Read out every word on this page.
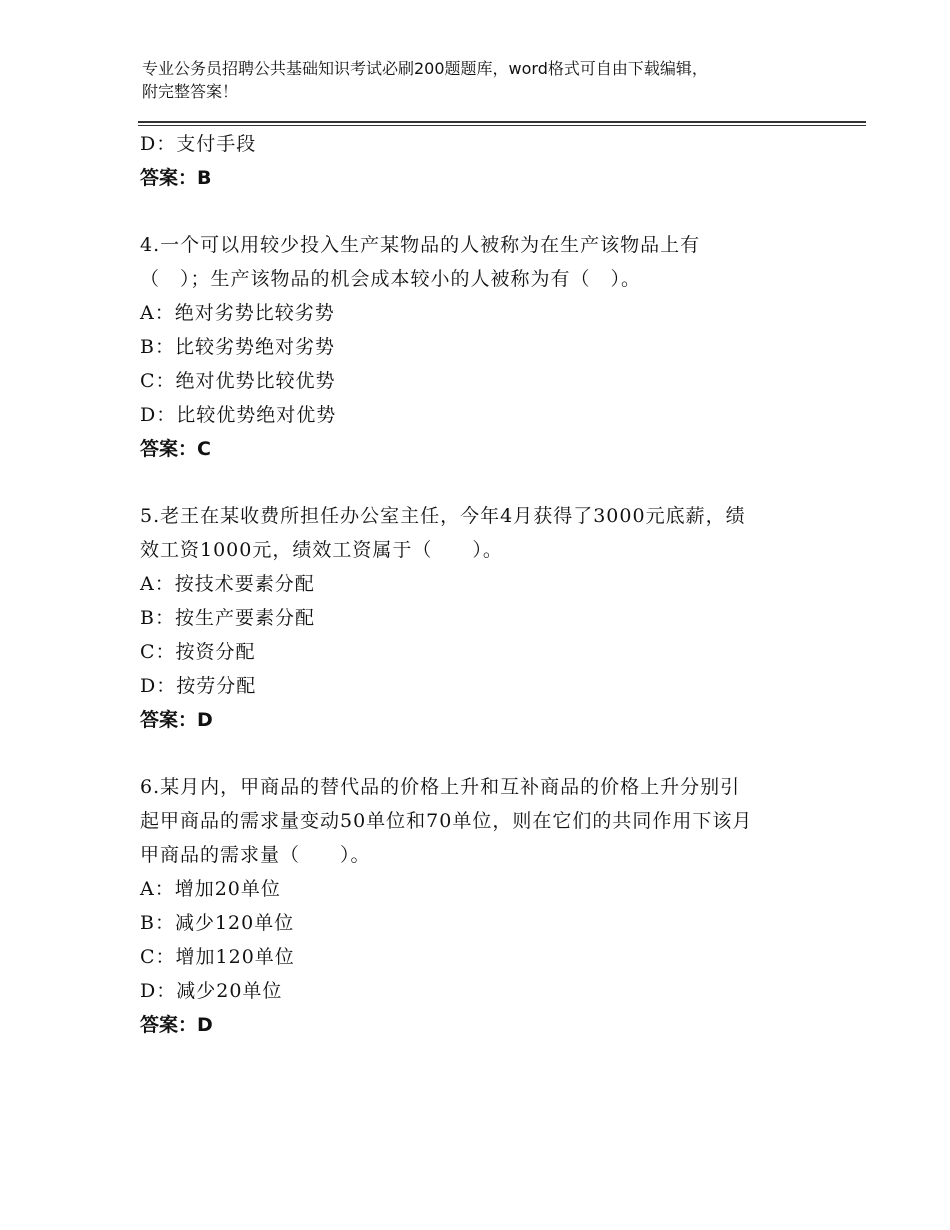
专业公务员招聘公共基础知识考试必刷200题题库，word格式可自由下载编辑，
附完整答案！
D：支付手段
答案：B
4.一个可以用较少投入生产某物品的人被称为在生产该物品上有
（　）；生产该物品的机会成本较小的人被称为有（　）。
A：绝对劣势比较劣势
B：比较劣势绝对劣势
C：绝对优势比较优势
D：比较优势绝对优势
答案：C
5.老王在某收费所担任办公室主任，今年4月获得了3000元底薪，绩
效工资1000元，绩效工资属于（　　）。
A：按技术要素分配
B：按生产要素分配
C：按资分配
D：按劳分配
答案：D
6.某月内，甲商品的替代品的价格上升和互补商品的价格上升分别引
起甲商品的需求量变动50单位和70单位，则在它们的共同作用下该月
甲商品的需求量（　　）。
A：增加20单位
B：减少120单位
C：增加120单位
D：减少20单位
答案：D
